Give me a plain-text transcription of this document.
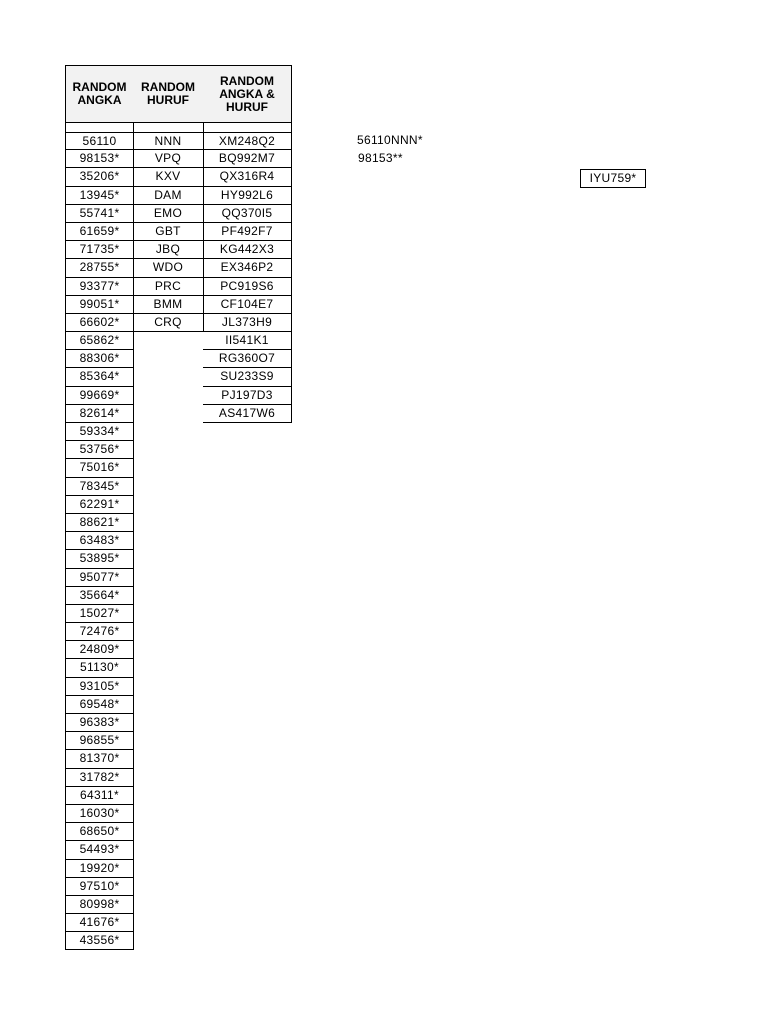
RANDOM
ANGKA
56110
98153*
35206*
13945*
55741*
61659*
71735*
28755*
93377*
99051*
66602*
65862*
88306*
85364*
99669*
82614*
59334*
53756*
75016*
78345*
62291*
88621*
63483*
53895*
95077*
35664*
15027*
72476*
24809*
51130*
93105*
69548*
96383*
96855*
81370*
31782*
64311*
16030*
68650*
54493*
19920*
97510*
80998*
41676*
43556*
RANDOM
HURUF
NNN
VPQ
KXV
DAM
EMO
GBT
JBQ
WDO
PRC
BMM
CRQ
RANDOM
ANGKA &
HURUF
XM248Q2
BQ992M7
QX316R4
HY992L6
QQ370I5
PF492F7
KG442X3
EX346P2
PC919S6
CF104E7
JL373H9
II541K1
RG360O7
SU233S9
PJ197D3
AS417W6
56110NNN*
98153**
IYU759*
